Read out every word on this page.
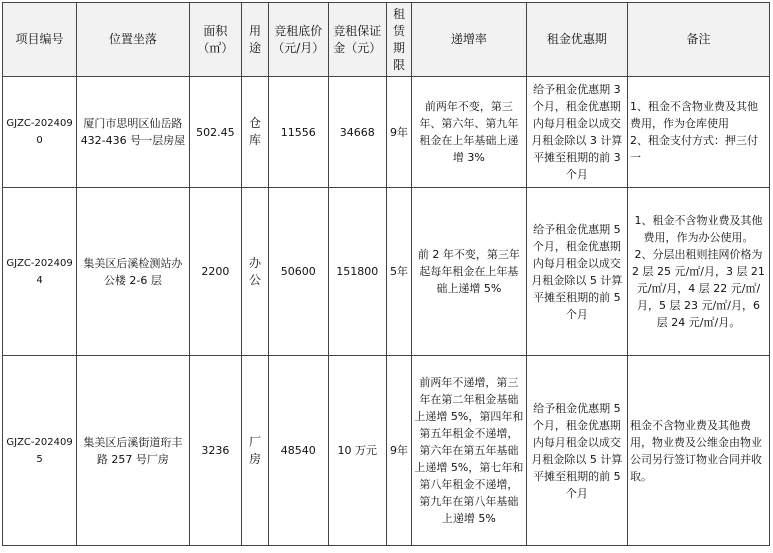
项目编号	位置坐落	面积（㎡）	用途	竞租底价（元/月）	竞租保证金（元）	租赁期限	递增率	租金优惠期	备注
GJZC-2024090	厦门市思明区仙岳路 432-436 号一层房屋	502.45	仓库	11556	34668	9年	前两年不变，第三年、第六年、第九年租金在上年基础上递增 3%	给予租金优惠期 3 个月，租金优惠期内每月租金以成交月租金除以 3 计算平摊至租期的前 3 个月	1、租金不含物业费及其他费用，作为仓库使用
2、租金支付方式：押三付一
GJZC-2024094	集美区后溪检测站办公楼 2-6 层	2200	办公	50600	151800	5年	前 2 年不变，第三年起每年租金在上年基础上递增 5%	给予租金优惠期 5 个月，租金优惠期内每月租金以成交月租金除以 5 计算平摊至租期的前 5 个月	1、租金不含物业费及其他费用，作为办公使用。
2、分层出租则挂网价格为 2 层 25 元/㎡/月，3 层 21 元/㎡/月，4 层 22 元/㎡/月，5 层 23 元/㎡/月，6 层 24 元/㎡/月。
GJZC-2024095	集美区后溪街道珩丰路 257 号厂房	3236	厂房	48540	10 万元	9年	前两年不递增，第三年在第二年租金基础上递增 5%，第四年和第五年租金不递增，第六年在第五年基础上递增 5%，第七年和第八年租金不递增，第九年在第八年基础上递增 5%	给予租金优惠期 5 个月，租金优惠期内每月租金以成交月租金除以 5 计算平摊至租期的前 5 个月	租金不含物业费及其他费用，物业费及公维金由物业公司另行签订物业合同并收取。
